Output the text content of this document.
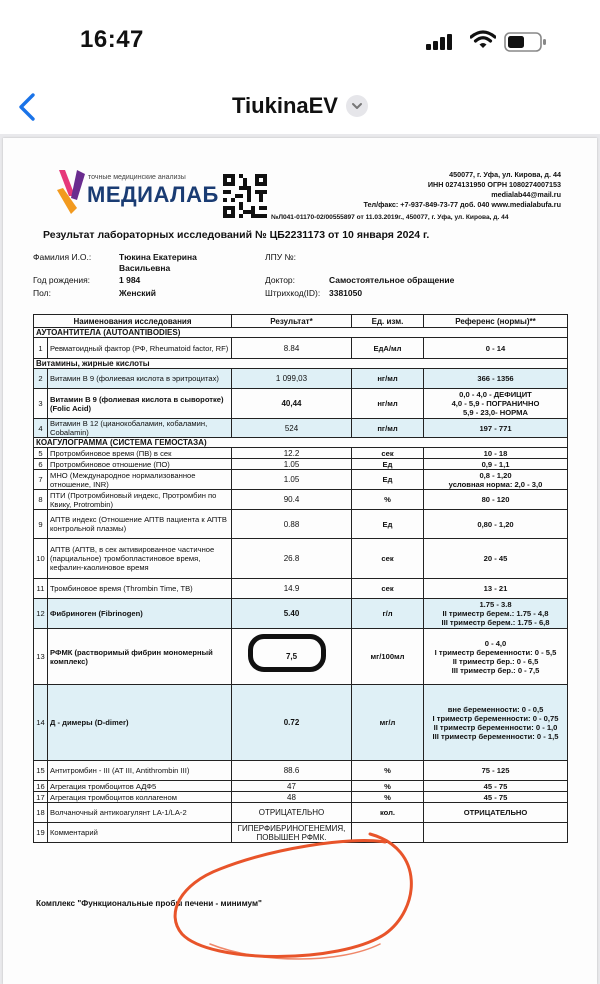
16:47
TiukinaEV
точные медицинские анализы
МЕДИАЛАБ
450077, г. Уфа, ул. Кирова, д. 44
ИНН 0274131950 ОГРН 1080274007153
medialab44@mail.ru
Тел/факс: +7-937-849-73-77 доб. 040 www.medialabufa.ru
№Л041-01170-02/00555897 от 11.03.2019г., 450077, г. Уфа, ул. Кирова, д. 44
Результат лабораторных исследований № ЦБ2231173 от 10 января 2024 г.
Фамилия И.О.:	Тюкина Екатерина
Васильевна
ЛПУ №:
Год рождения:	1 984	Доктор:	Самостоятельное обращение
Пол:	Женский	Штрихкод(ID): 3381050
Наименования исследования		Результат*	Ед. изм.	Референс (нормы)**
АУТОАНТИТЕЛА (AUTOANTIBODIES)				
1	Ревматоидный фактор (РФ, Rheumatoid factor, RF)	8.84	ЕдА/мл	0 - 14
Витамины, жирные кислоты				
2	Витамин В 9 (фолиевая кислота в эритроцитах)	1 099,03	нг/мл	366 - 1356
3	Витамин В 9 (фолиевая кислота в сыворотке) (Folic Acid)	40,44	нг/мл	0,0 - 4,0 - ДЕФИЦИТ
4,0 - 5,9 - ПОГРАНИЧНО
5,9 - 23,0- НОРМА
4	Витамин В 12 (цианокобаламин, кобаламин, Cobalamin)	524	пг/мл	197 - 771
КОАГУЛОГРАММА (СИСТЕМА ГЕМОСТАЗА)				
5	Протромбиновое время (ПВ) в сек	12.2	сек	10 - 18
6	Протромбиновое отношение (ПО)	1.05	Ед	0,9 - 1,1
7	МНО (Международное нормализованное отношение, INR)	1.05	Ед	0,8 - 1,20
условная норма: 2,0 - 3,0
8	ПТИ (Протромбиновый индекс, Протромбин по Квику, Protrombin)	90.4	%	80 - 120
9	АПТВ индекс (Отношение АПТВ пациента к АПТВ контрольной плазмы)	0.88	Ед	0,80 - 1,20
10	АПТВ (АПТВ, в сек активированное частичное (парциальное) тромбопластиновое время, кефалин-каолиновое время	26.8	сек	20 - 45
11	Тромбиновое время (Thrombin Time, TB)	14.9	сек	13 - 21
12	Фибриноген (Fibrinogen)	5.40	г/л	1.75 - 3.8
II триместр берем.: 1.75 - 4,8
III триместр берем.: 1.75 - 6,8
13	РФМК (растворимый фибрин мономерный комплекс)	7,5	мг/100мл	0 - 4,0
I триместр беременности: 0 - 5,5
II триместр бер.: 0 - 6,5
III триместр бер.: 0 - 7,5
14	Д - димеры (D-dimer)	0.72	мг/л	вне беременности: 0 - 0,5
I триместр беременности: 0 - 0,75
II триместр беременности: 0 - 1,0
III триместр беременности: 0 - 1,5
15	Антитромбин - III (AT III, Antithrombin III)	88.6	%	75 - 125
16	Агрегация тромбоцитов АДФ5	47	%	45 - 75
17	Агрегация тромбоцитов коллагеном	48	%	45 - 75
18	Волчаночный антикоагулянт LA-1/LA-2	ОТРИЦАТЕЛЬНО	кол.	ОТРИЦАТЕЛЬНО
19	Комментарий	ГИПЕРФИБРИНОГЕНЕМИЯ, ПОВЫШЕН РФМК.		
Комплекс "Функциональные пробы печени - минимум"
